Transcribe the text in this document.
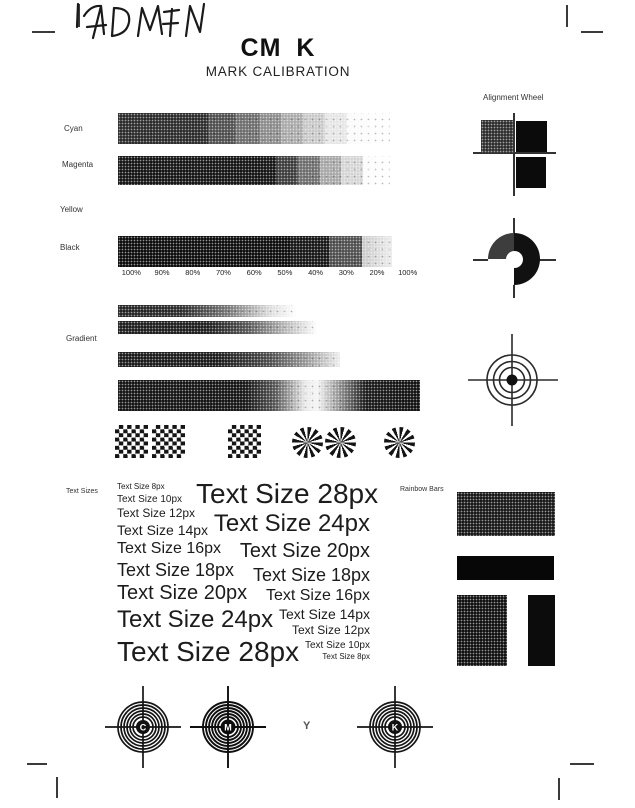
CM K
MARK CALIBRATION
Cyan
Magenta
Yellow
Black
100%	90%	80%	70%	60%	50%	40%	30%	20%	100%
Gradient
Alignment Wheel
Text Sizes
Text Size 8px
Text Size 10px
Text Size 12px
Text Size 14px
Text Size 16px
Text Size 18px
Text Size 20px
Text Size 24px
Text Size 28px
Text Size 28px
Text Size 24px
Text Size 20px
Text Size 18px
Text Size 16px
Text Size 14px
Text Size 12px
Text Size 10px
Text Size 8px
Rainbow Bars
C	M	K
Y
